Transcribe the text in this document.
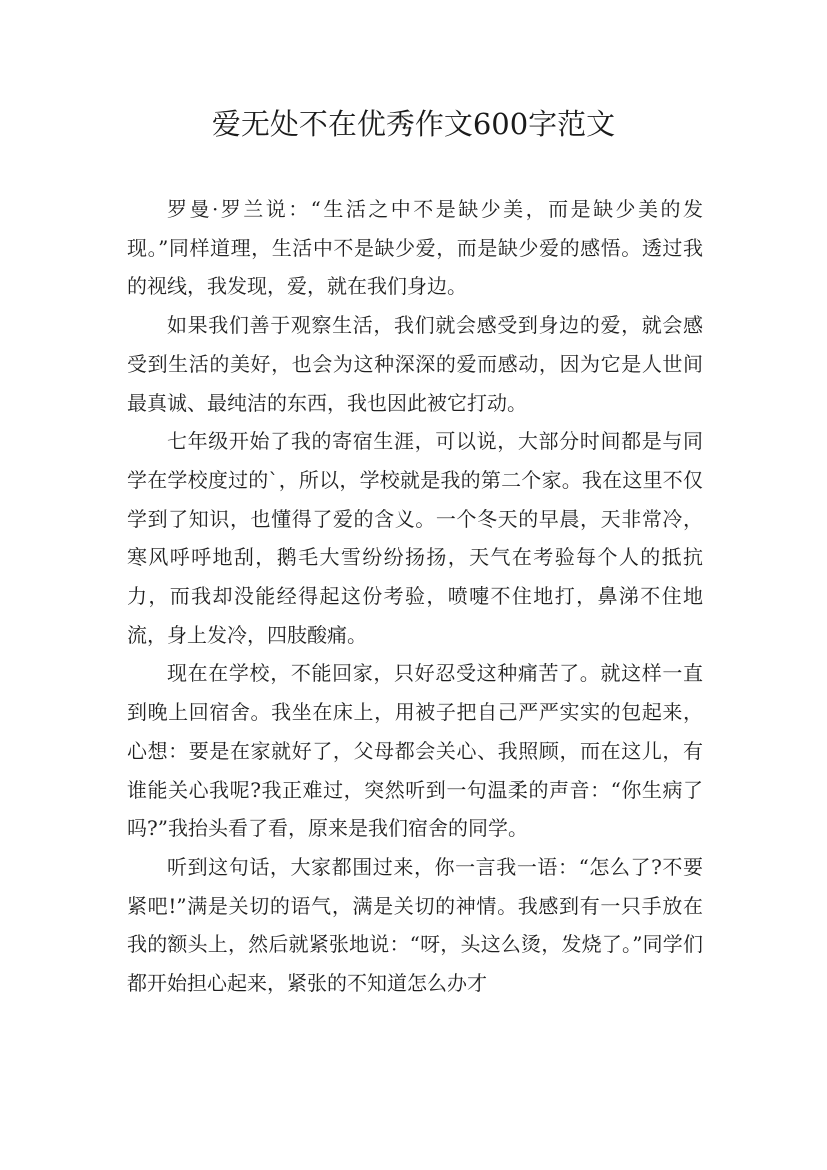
爱无处不在优秀作文600字范文

罗曼·罗兰说：“生活之中不是缺少美，而是缺少美的发现。”同样道理，生活中不是缺少爱，而是缺少爱的感悟。透过我的视线，我发现，爱，就在我们身边。

如果我们善于观察生活，我们就会感受到身边的爱，就会感受到生活的美好，也会为这种深深的爱而感动，因为它是人世间最真诚、最纯洁的东西，我也因此被它打动。

七年级开始了我的寄宿生涯，可以说，大部分时间都是与同学在学校度过的`，所以，学校就是我的第二个家。我在这里不仅学到了知识，也懂得了爱的含义。一个冬天的早晨，天非常冷，寒风呼呼地刮，鹅毛大雪纷纷扬扬，天气在考验每个人的抵抗力，而我却没能经得起这份考验，喷嚏不住地打，鼻涕不住地流，身上发冷，四肢酸痛。

现在在学校，不能回家，只好忍受这种痛苦了。就这样一直到晚上回宿舍。我坐在床上，用被子把自己严严实实的包起来，心想：要是在家就好了，父母都会关心、我照顾，而在这儿，有谁能关心我呢?我正难过，突然听到一句温柔的声音：“你生病了吗?”我抬头看了看，原来是我们宿舍的同学。

听到这句话，大家都围过来，你一言我一语：“怎么了?不要紧吧!”满是关切的语气，满是关切的神情。我感到有一只手放在我的额头上，然后就紧张地说：“呀，头这么烫，发烧了。”同学们都开始担心起来，紧张的不知道怎么办才
